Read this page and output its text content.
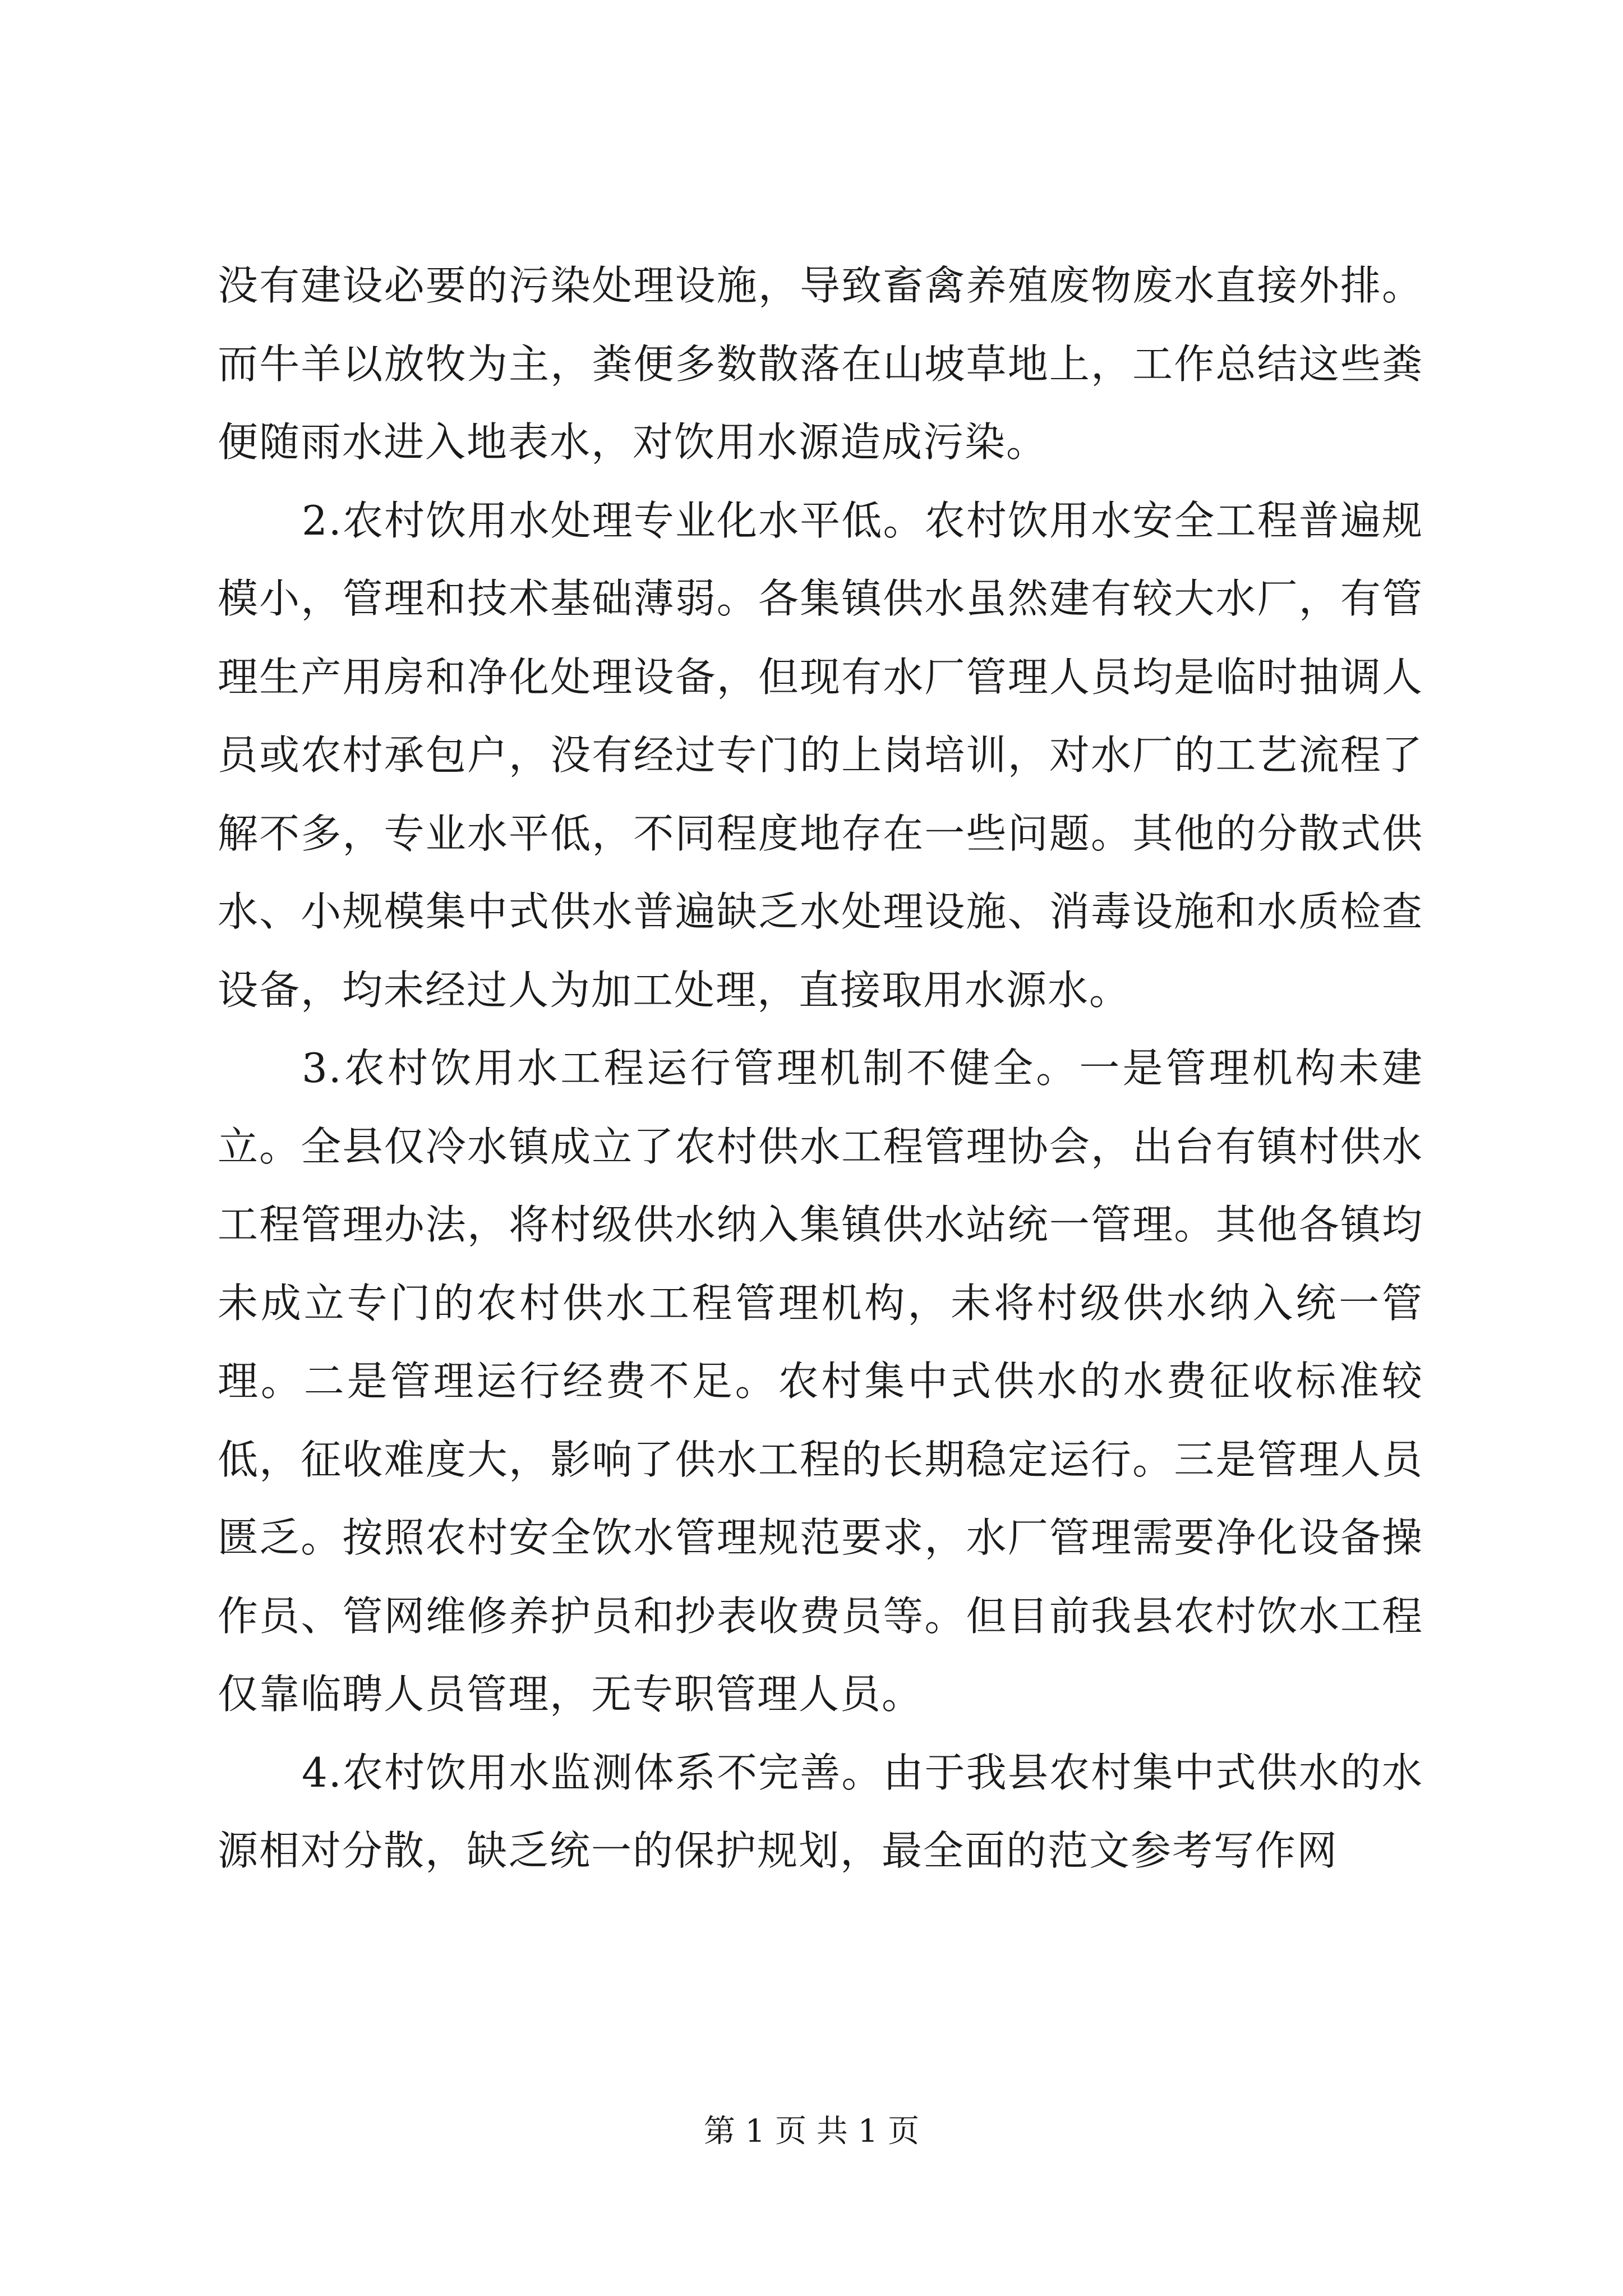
没有建设必要的污染处理设施，导致畜禽养殖废物废水直接外排。而牛羊以放牧为主，粪便多数散落在山坡草地上，工作总结这些粪便随雨水进入地表水，对饮用水源造成污染。

2.农村饮用水处理专业化水平低。农村饮用水安全工程普遍规模小，管理和技术基础薄弱。各集镇供水虽然建有较大水厂，有管理生产用房和净化处理设备，但现有水厂管理人员均是临时抽调人员或农村承包户，没有经过专门的上岗培训，对水厂的工艺流程了解不多，专业水平低，不同程度地存在一些问题。其他的分散式供水、小规模集中式供水普遍缺乏水处理设施、消毒设施和水质检查设备，均未经过人为加工处理，直接取用水源水。

3.农村饮用水工程运行管理机制不健全。一是管理机构未建立。全县仅冷水镇成立了农村供水工程管理协会，出台有镇村供水工程管理办法，将村级供水纳入集镇供水站统一管理。其他各镇均未成立专门的农村供水工程管理机构，未将村级供水纳入统一管理。二是管理运行经费不足。农村集中式供水的水费征收标准较低，征收难度大，影响了供水工程的长期稳定运行。三是管理人员匮乏。按照农村安全饮水管理规范要求，水厂管理需要净化设备操作员、管网维修养护员和抄表收费员等。但目前我县农村饮水工程仅靠临聘人员管理，无专职管理人员。

4.农村饮用水监测体系不完善。由于我县农村集中式供水的水源相对分散，缺乏统一的保护规划，最全面的范文参考写作网

第 1 页 共 1 页
